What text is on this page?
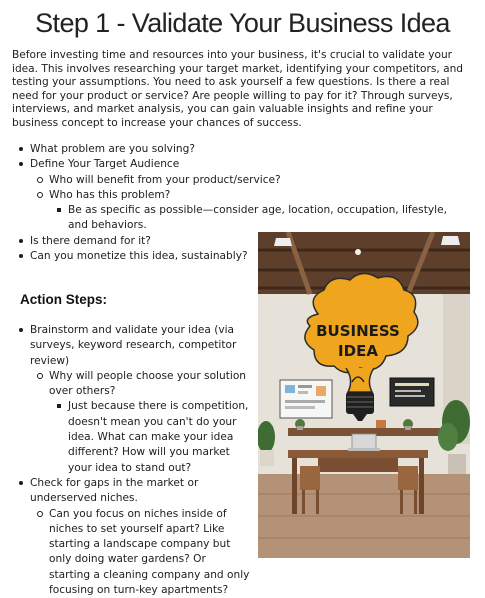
Step 1 - Validate Your Business Idea

Before investing time and resources into your business, it's crucial to validate your idea. This involves researching your target market, identifying your competitors, and testing your assumptions. You need to ask yourself a few questions. Is there a real need for your product or service? Are people willing to pay for it? Through surveys, interviews, and market analysis, you can gain valuable insights and refine your business concept to increase your chances of success.

What problem are you solving?
Define Your Target Audience
Who will benefit from your product/service?
Who has this problem?
Be as specific as possible—consider age, location, occupation, lifestyle, and behaviors.
Is there demand for it?
Can you monetize this idea, sustainably?
Action Steps:
Brainstorm and validate your idea (via surveys, keyword research, competitor review)
Why will people choose your solution over others?
Just because there is competition, doesn't mean you can't do your idea. What can make your idea different? How will you market your idea to stand out?
Check for gaps in the market or underserved niches.
Can you focus on niches inside of niches to set yourself apart? Like starting a landscape company but only doing water gardens? Or starting a cleaning company and only focusing on turn-key apartments?
BUSINESS
IDEA
